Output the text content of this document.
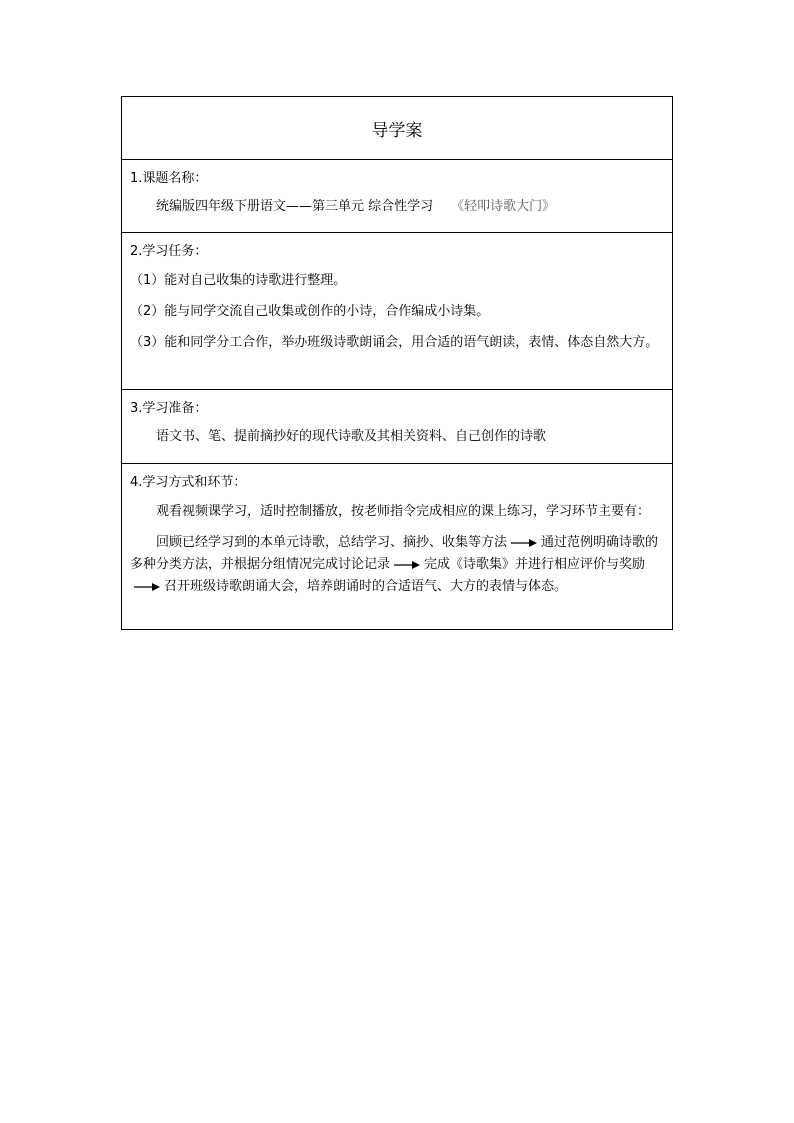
导学案

1.课题名称：
统编版四年级下册语文——第三单元 综合性学习 《轻叩诗歌大门》

2.学习任务：
（1）能对自己收集的诗歌进行整理。
（2）能与同学交流自己收集或创作的小诗，合作编成小诗集。
（3）能和同学分工合作，举办班级诗歌朗诵会，用合适的语气朗读，表情、体态自然大方。

3.学习准备：
语文书、笔、提前摘抄好的现代诗歌及其相关资料、自己创作的诗歌

4.学习方式和环节：
观看视频课学习，适时控制播放，按老师指令完成相应的课上练习，学习环节主要有：
回顾已经学习到的本单元诗歌，总结学习、摘抄、收集等方法	通过范例明确诗歌的多种分类方法，并根据分组情况完成讨论记录	完成《诗歌集》并进行相应评价与奖励
召开班级诗歌朗诵大会，培养朗诵时的合适语气、大方的表情与体态。
